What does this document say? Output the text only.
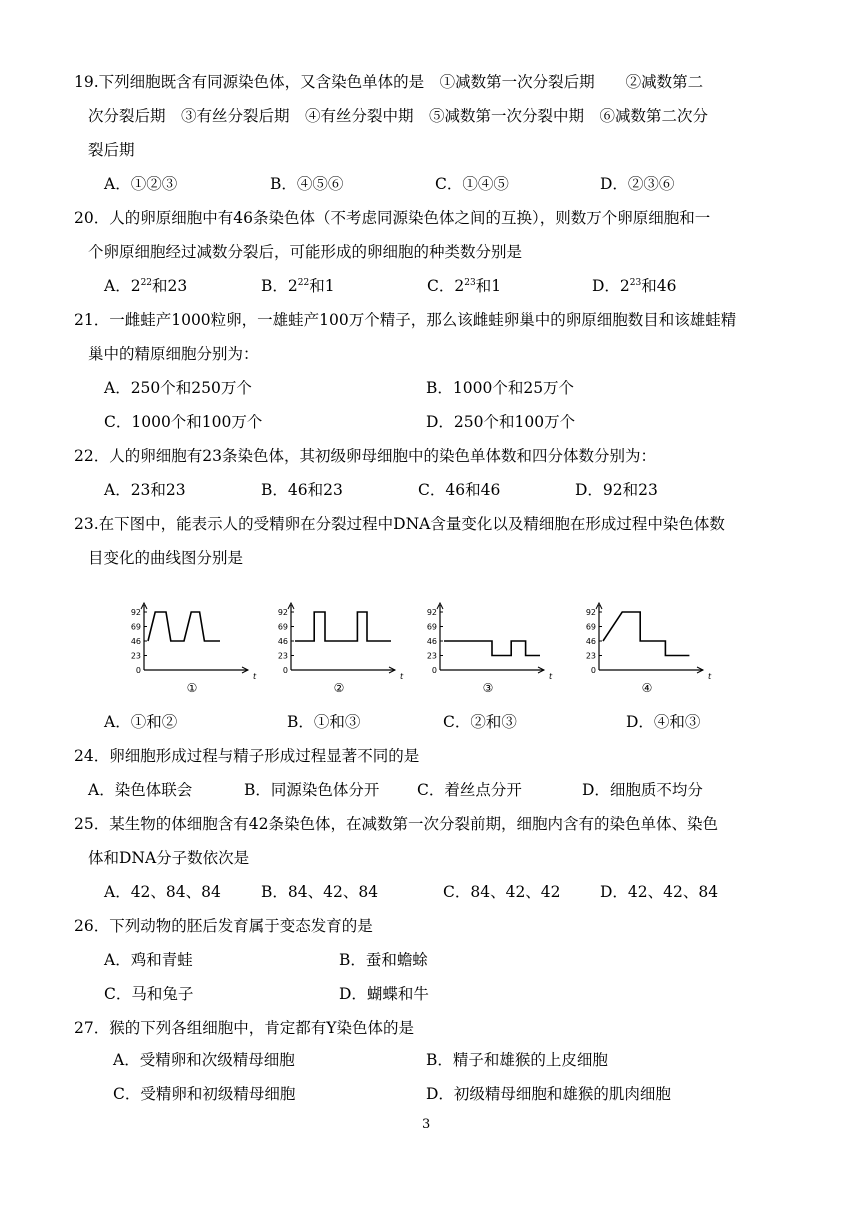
19.下列细胞既含有同源染色体，又含染色单体的是　①减数第一次分裂后期　　②减数第二
次分裂后期　③有丝分裂后期　④有丝分裂中期　⑤减数第一次分裂中期　⑥减数第二次分
裂后期
A．①②③	B．④⑤⑥	C．①④⑤	D．②③⑥
20．人的卵原细胞中有46条染色体（不考虑同源染色体之间的互换），则数万个卵原细胞和一
个卵原细胞经过减数分裂后，可能形成的卵细胞的种类数分别是
A．$2^{22}$和23	B．$2^{22}$和1	C．$2^{23}$和1	D．$2^{23}$和46
21．一雌蛙产1000粒卵，一雄蛙产100万个精子，那么该雌蛙卵巢中的卵原细胞数目和该雄蛙精
巢中的精原细胞分别为：
A．250个和250万个	B．1000个和25万个
C．1000个和100万个	D．250个和100万个
22．人的卵细胞有23条染色体，其初级卵母细胞中的染色单体数和四分体数分别为：
A．23和23	B．46和23	C．46和46	D．92和23
23.在下图中，能表示人的受精卵在分裂过程中DNA含量变化以及精细胞在形成过程中染色体数
目变化的曲线图分别是
92
69
46
23
0
t
①
92
69
46
23
0
t
②
92
69
46
23
0
t
③
92
69
46
23
0
t
④
A．①和②	B．①和③	C．②和③	D．④和③
24．卵细胞形成过程与精子形成过程显著不同的是
A．染色体联会	B．同源染色体分开 C．着丝点分开	D．细胞质不均分
25．某生物的体细胞含有42条染色体，在减数第一次分裂前期，细胞内含有的染色单体、染色
体和DNA分子数依次是
A．42、84、84	B．84、42、84	C．84、42、42	D．42、42、84
26．下列动物的胚后发育属于变态发育的是
A．鸡和青蛙	B．蚕和蟾蜍
C．马和兔子	D．蝴蝶和牛
27．猴的下列各组细胞中，肯定都有Y染色体的是
A．受精卵和次级精母细胞	B．精子和雄猴的上皮细胞
C．受精卵和初级精母细胞	D．初级精母细胞和雄猴的肌肉细胞
3
